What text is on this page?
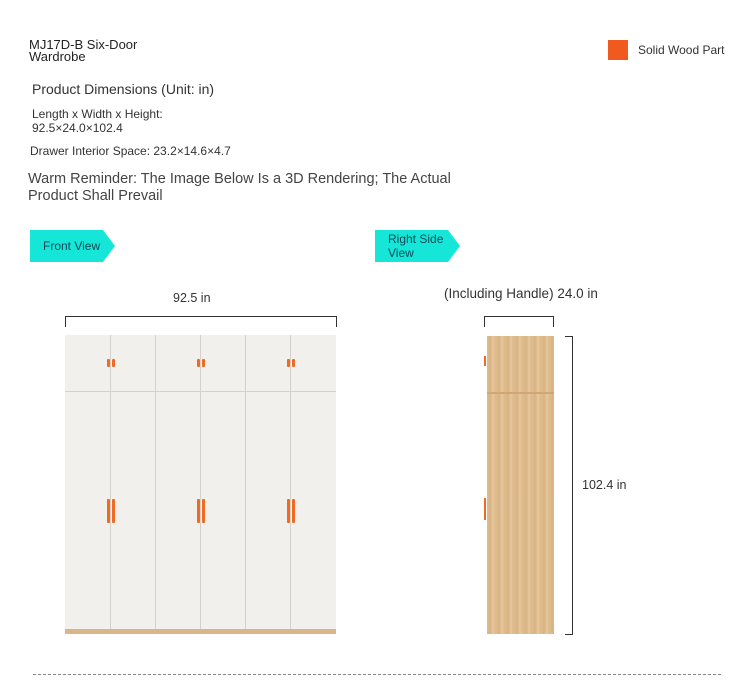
MJ17D-B Six-Door Wardrobe	Solid Wood Part
Product Dimensions (Unit: in)
Length x Width x Height:
92.5×24.0×102.4
Drawer Interior Space: 23.2×14.6×4.7
Warm Reminder: The Image Below Is a 3D Rendering; The Actual Product Shall Prevail
Front View	Right Side View
92.5 in	(Including Handle) 24.0 in
102.4 in
